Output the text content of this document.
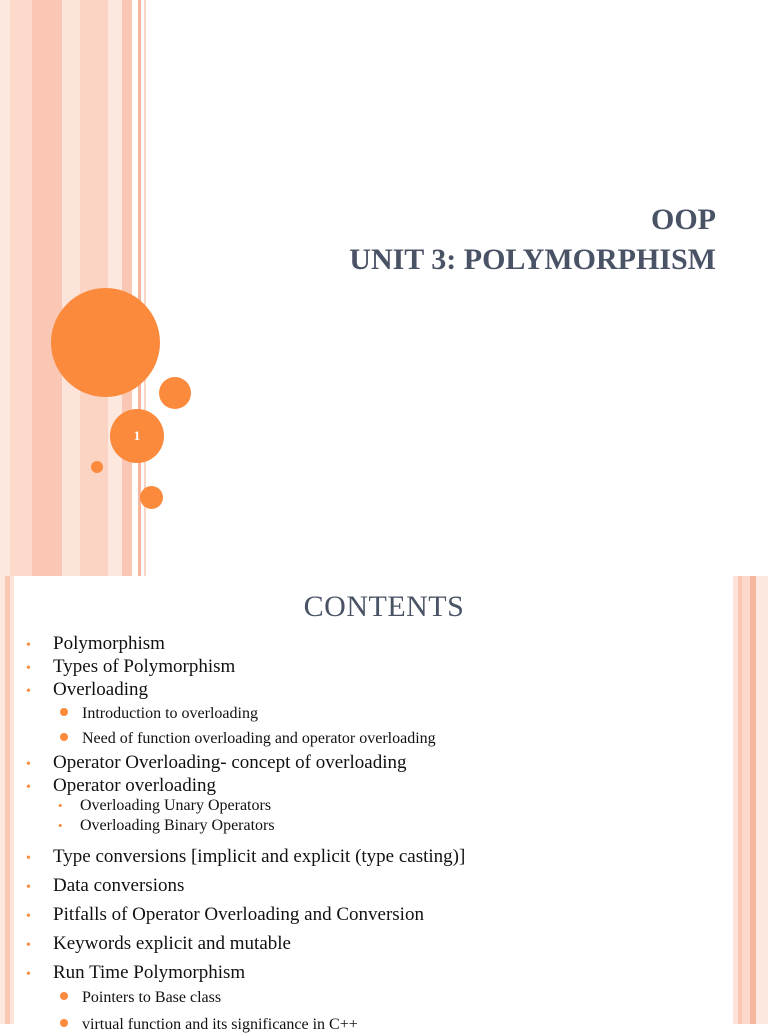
1
OOP
UNIT 3: POLYMORPHISM
CONTENTS
• Polymorphism
• Types of Polymorphism
• Overloading
Introduction to overloading
Need of function overloading and operator overloading
• Operator Overloading- concept of overloading
• Operator overloading
• Overloading Unary Operators
• Overloading Binary Operators
• Type conversions [implicit and explicit (type casting)]
• Data conversions
• Pitfalls of Operator Overloading and Conversion
• Keywords explicit and mutable
• Run Time Polymorphism
Pointers to Base class
virtual function and its significance in C++
